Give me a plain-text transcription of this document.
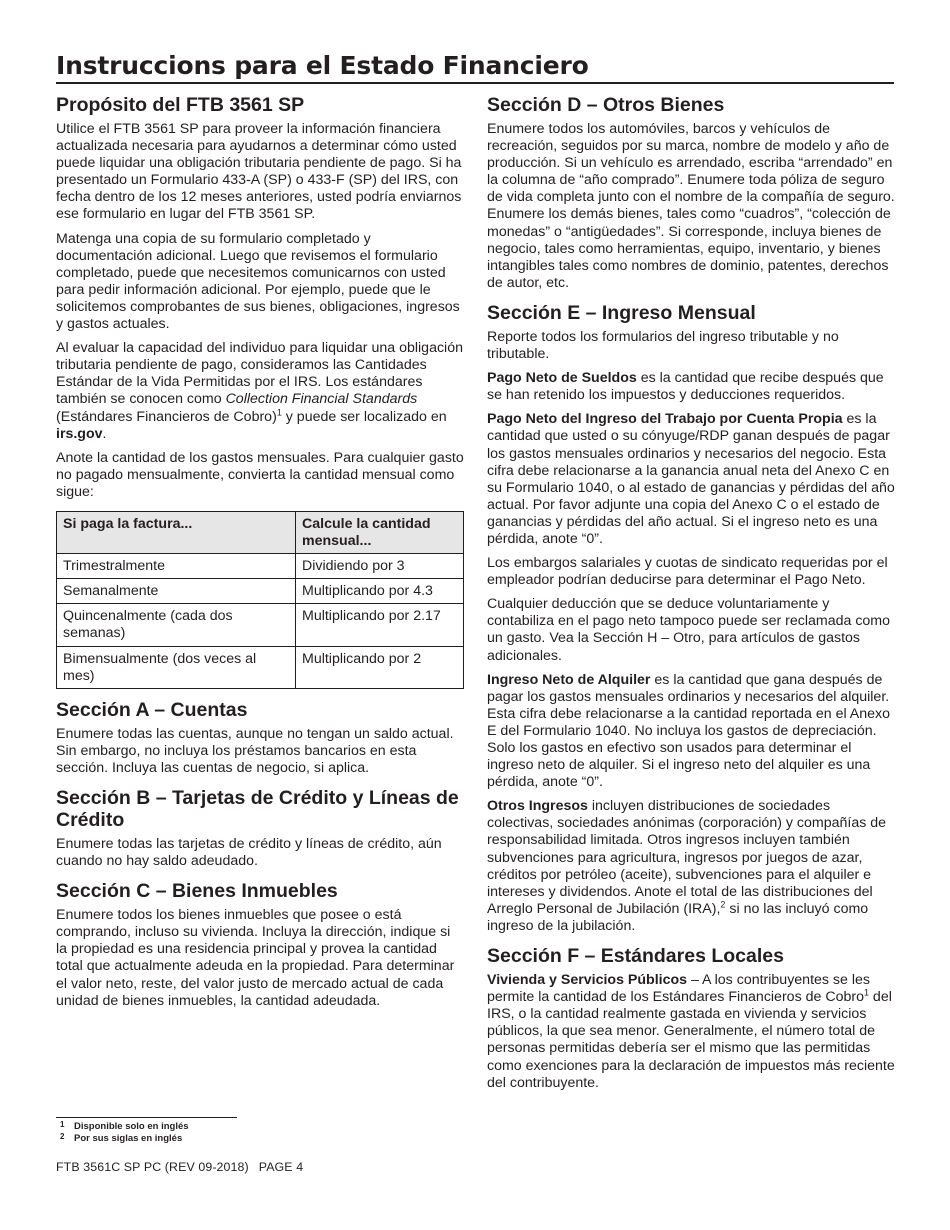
Instruccions para el Estado Financiero
Propósito del FTB 3561 SP

Utilice el FTB 3561 SP para proveer la información financiera actualizada necesaria para ayudarnos a determinar cómo usted puede liquidar una obligación tributaria pendiente de pago. Si ha presentado un Formulario 433-A (SP) o 433-F (SP) del IRS, con fecha dentro de los 12 meses anteriores, usted podría enviarnos ese formulario en lugar del FTB 3561 SP.

Matenga una copia de su formulario completado y documentación adicional. Luego que revisemos el formulario completado, puede que necesitemos comunicarnos con usted para pedir información adicional. Por ejemplo, puede que le solicitemos comprobantes de sus bienes, obligaciones, ingresos y gastos actuales.

Al evaluar la capacidad del individuo para liquidar una obligación tributaria pendiente de pago, consideramos las Cantidades Estándar de la Vida Permitidas por el IRS. Los estándares también se conocen como Collection Financial Standards (Estándares Financieros de Cobro)$^1$ y puede ser localizado en irs.gov.

Anote la cantidad de los gastos mensuales. Para cualquier gasto no pagado mensualmente, convierta la cantidad mensual como sigue:

Si paga la factura...	Calcule la cantidad mensual...
Trimestralmente	Dividiendo por 3
Semanalmente	Multiplicando por 4.3
Quincenalmente (cada dos semanas)	Multiplicando por 2.17
Bimensualmente (dos veces al mes)	Multiplicando por 2
Sección A – Cuentas

Enumere todas las cuentas, aunque no tengan un saldo actual. Sin embargo, no incluya los préstamos bancarios en esta sección. Incluya las cuentas de negocio, si aplica.

Sección B – Tarjetas de Crédito y Líneas de Crédito

Enumere todas las tarjetas de crédito y líneas de crédito, aún cuando no hay saldo adeudado.

Sección C – Bienes Inmuebles

Enumere todos los bienes inmuebles que posee o está comprando, incluso su vivienda. Incluya la dirección, indique si la propiedad es una residencia principal y provea la cantidad total que actualmente adeuda en la propiedad. Para determinar el valor neto, reste, del valor justo de mercado actual de cada unidad de bienes inmuebles, la cantidad adeudada.

Sección D – Otros Bienes

Enumere todos los automóviles, barcos y vehículos de recreación, seguidos por su marca, nombre de modelo y año de producción. Si un vehículo es arrendado, escriba “arrendado” en la columna de “año comprado”. Enumere toda póliza de seguro de vida completa junto con el nombre de la compañía de seguro. Enumere los demás bienes, tales como “cuadros”, “colección de monedas” o “antigüedades”. Si corresponde, incluya bienes de negocio, tales como herramientas, equipo, inventario, y bienes intangibles tales como nombres de dominio, patentes, derechos de autor, etc.

Sección E – Ingreso Mensual

Reporte todos los formularios del ingreso tributable y no tributable.

Pago Neto de Sueldos es la cantidad que recibe después que se han retenido los impuestos y deducciones requeridos.

Pago Neto del Ingreso del Trabajo por Cuenta Propia es la cantidad que usted o su cónyuge/RDP ganan después de pagar los gastos mensuales ordinarios y necesarios del negocio. Esta cifra debe relacionarse a la ganancia anual neta del Anexo C en su Formulario 1040, o al estado de ganancias y pérdidas del año actual. Por favor adjunte una copia del Anexo C o el estado de ganancias y pérdidas del año actual. Si el ingreso neto es una pérdida, anote “0”.

Los embargos salariales y cuotas de sindicato requeridas por el empleador podrían deducirse para determinar el Pago Neto.

Cualquier deducción que se deduce voluntariamente y contabiliza en el pago neto tampoco puede ser reclamada como un gasto. Vea la Sección H – Otro, para artículos de gastos adicionales.

Ingreso Neto de Alquiler es la cantidad que gana después de pagar los gastos mensuales ordinarios y necesarios del alquiler. Esta cifra debe relacionarse a la cantidad reportada en el Anexo E del Formulario 1040. No incluya los gastos de depreciación. Solo los gastos en efectivo son usados para determinar el ingreso neto de alquiler. Si el ingreso neto del alquiler es una pérdida, anote “0”.

Otros Ingresos incluyen distribuciones de sociedades colectivas, sociedades anónimas (corporación) y compañías de responsabilidad limitada. Otros ingresos incluyen también subvenciones para agricultura, ingresos por juegos de azar, créditos por petróleo (aceite), subvenciones para el alquiler e intereses y dividendos. Anote el total de las distribuciones del Arreglo Personal de Jubilación (IRA),$^2$ si no las incluyó como ingreso de la jubilación.

Sección F – Estándares Locales

Vivienda y Servicios Públicos – A los contribuyentes se les permite la cantidad de los Estándares Financieros de Cobro$^1$ del IRS, o la cantidad realmente gastada en vivienda y servicios públicos, la que sea menor. Generalmente, el número total de personas permitidas debería ser el mismo que las permitidas como exenciones para la declaración de impuestos más reciente del contribuyente.

1	Disponible solo en inglés
2	Por sus siglas en inglés
FTB 3561C SP PC (REV 09-2018) PAGE 4
